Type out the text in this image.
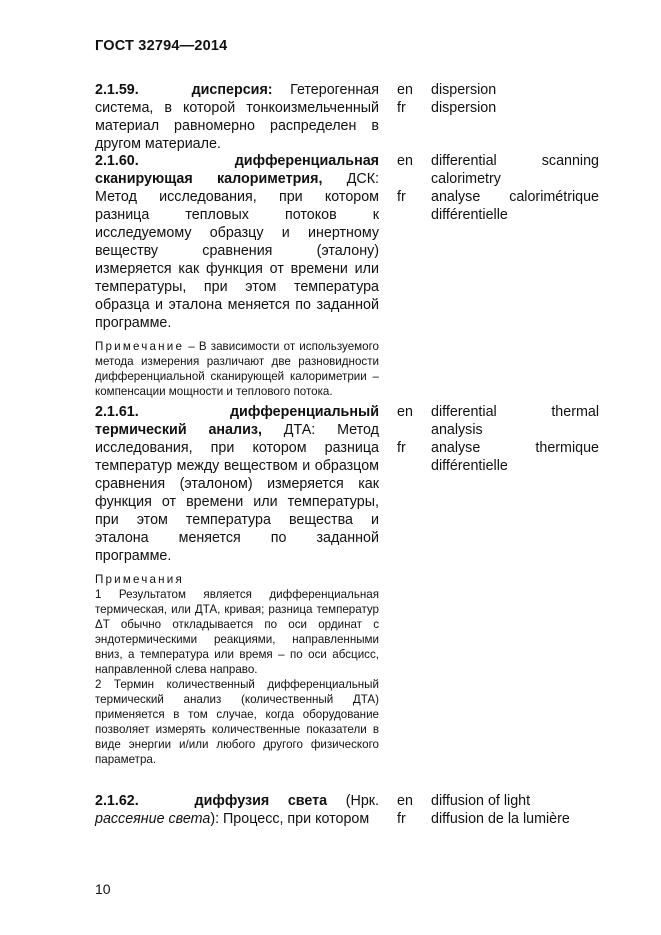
ГОСТ 32794—2014
2.1.59.	дисперсия: Гетерогенная система, в которой тонкоизмельченный материал равномерно распределен в другом материале.
en	dispersion
fr	dispersion
2.1.60.	дифференциальная сканирующая калориметрия, ДСК: Метод исследования, при котором разница тепловых потоков к исследуемому образцу и инертному веществу сравнения (эталону) измеряется как функция от времени или температуры, при этом температура образца и эталона меняется по заданной программе.
Примечание – В зависимости от используемого метода измерения различают две разновидности дифференциальной сканирующей калориметрии – компенсации мощности и теплового потока.
en	differential scanning calorimetry
fr	analyse calorimétrique différentielle
2.1.61.	дифференциальный термический анализ, ДТА: Метод исследования, при котором разница температур между веществом и образцом сравнения (эталоном) измеряется как функция от времени или температуры, при этом температура вещества и эталона меняется по заданной программе.

Примечания

1 Результатом является дифференциальная термическая, или ДТА, кривая; разница температур ΔT обычно откладывается по оси ординат с эндотермическими реакциями, направленными вниз, а температура или время – по оси абсцисс, направленной слева направо.

2 Термин количественный дифференциальный термический анализ (количественный ДТА) применяется в том случае, когда оборудование позволяет измерять количественные показатели в виде энергии и/или любого другого физического параметра.

en	differential thermal analysis
fr	analyse thermique différentielle
2.1.62.	диффузия света (Нрк. рассеяние света): Процесс, при котором
en	diffusion of light
fr	diffusion de la lumière
10
